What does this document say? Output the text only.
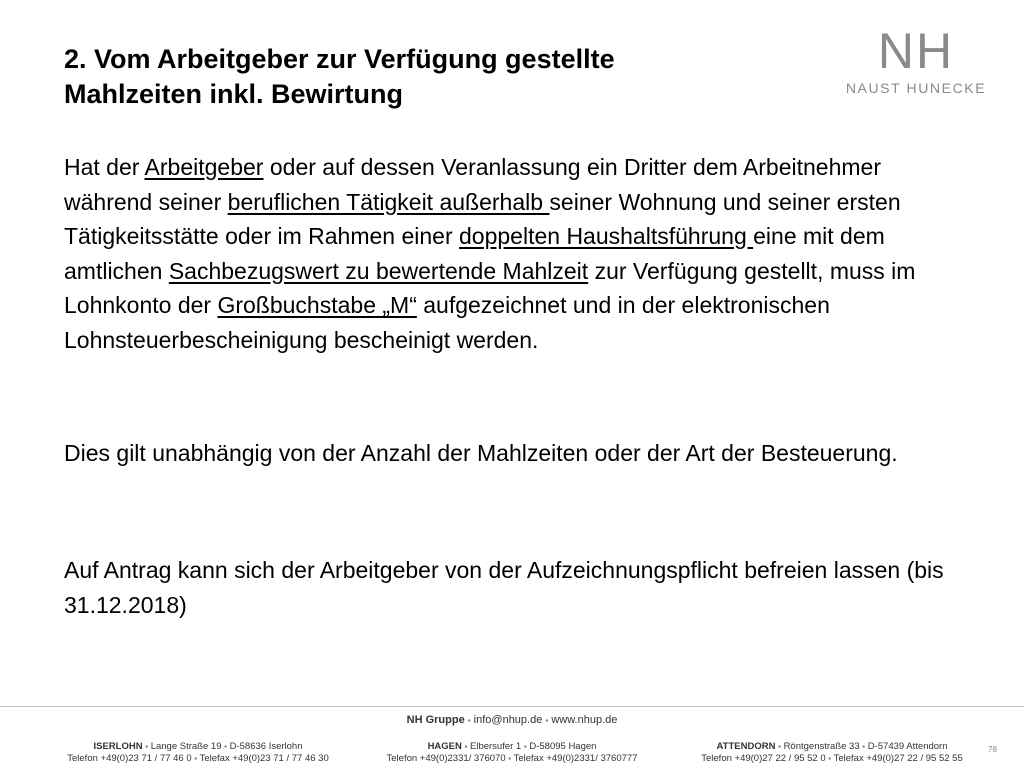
2. Vom Arbeitgeber zur Verfügung gestellte
Mahlzeiten inkl. Bewirtung
NH
NAUST HUNECKE

Hat der Arbeitgeber oder auf dessen Veranlassung ein Dritter dem Arbeitnehmer während seiner beruflichen Tätigkeit außerhalb seiner Wohnung und seiner ersten Tätigkeitsstätte oder im Rahmen einer doppelten Haushaltsführung eine mit dem amtlichen Sachbezugswert zu bewertende Mahlzeit zur Verfügung gestellt, muss im Lohnkonto der Großbuchstabe „M“ aufgezeichnet und in der elektronischen Lohnsteuerbescheinigung bescheinigt werden.

Dies gilt unabhängig von der Anzahl der Mahlzeiten oder der Art der Besteuerung.

Auf Antrag kann sich der Arbeitgeber von der Aufzeichnungspflicht befreien lassen (bis 31.12.2018)

NH Gruppe ▪ info@nhup.de ▪ www.nhup.de
ISERLOHN ▪ Lange Straße 19 ▪ D-58636 Iserlohn
Telefon +49(0)23 71 / 77 46 0 ▪ Telefax +49(0)23 71 / 77 46 30
HAGEN ▪ Elbersufer 1 ▪ D-58095 Hagen
Telefon +49(0)2331/ 376070 ▪ Telefax +49(0)2331/ 3760777
ATTENDORN ▪ Röntgenstraße 33 ▪ D-57439 Attendorn
Telefon +49(0)27 22 / 95 52 0 ▪ Telefax +49(0)27 22 / 95 52 55
78
